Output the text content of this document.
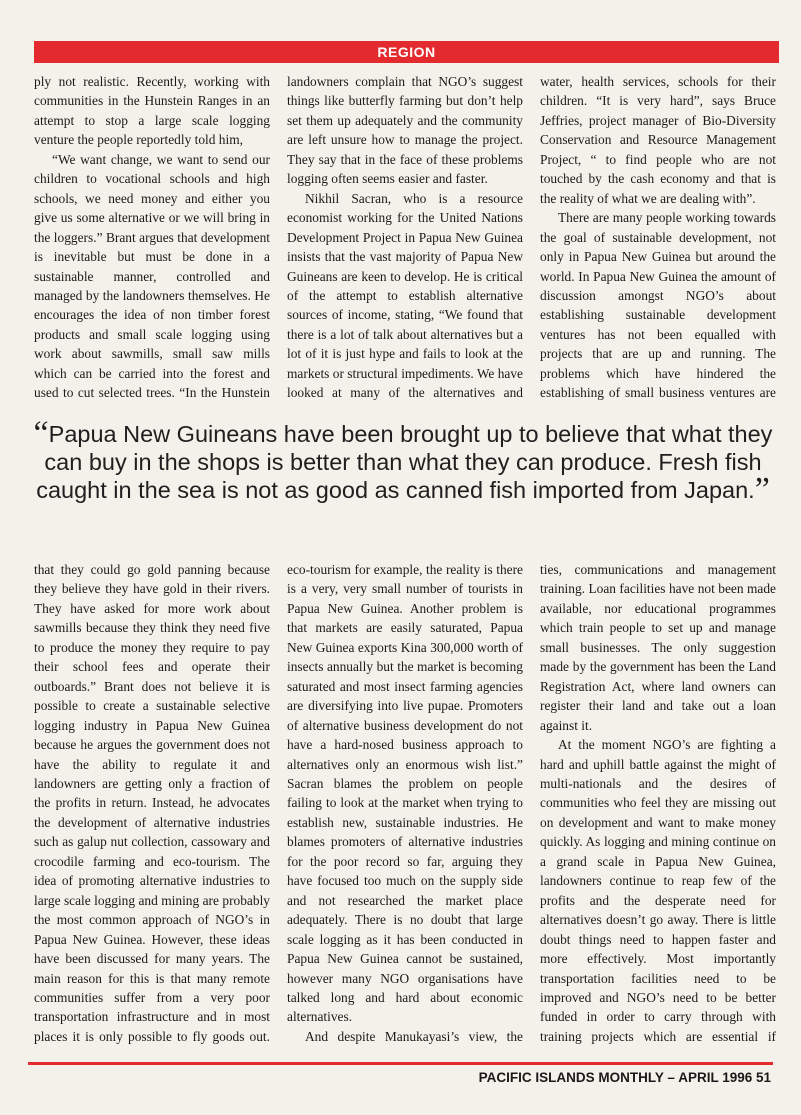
REGION

ply not realistic. Recently, working with communities in the Hunstein Ranges in an attempt to stop a large scale logging venture the people reportedly told him,

“We want change, we want to send our children to vocational schools and high schools, we need money and either you give us some alternative or we will bring in the loggers.” Brant argues that development is inevitable but must be done in a sustainable manner, controlled and managed by the landowners themselves. He encourages the idea of non timber forest products and small scale logging using work about sawmills, small saw mills which can be carried into the forest and used to cut selected trees. “In the Hunstein

landowners complain that NGO’s suggest things like butterfly farming but don’t help set them up adequately and the community are left unsure how to manage the project. They say that in the face of these problems logging often seems easier and faster.

Nikhil Sacran, who is a resource economist working for the United Nations Development Project in Papua New Guinea insists that the vast majority of Papua New Guineans are keen to develop. He is critical of the attempt to establish alternative sources of income, stating, “We found that there is a lot of talk about alternatives but a lot of it is just hype and fails to look at the markets or structural impediments. We have looked at many of the alternatives and

water, health services, schools for their children. “It is very hard”, says Bruce Jeffries, project manager of Bio-Diversity Conservation and Resource Management Project, “ to find people who are not touched by the cash economy and that is the reality of what we are dealing with”.

There are many people working towards the goal of sustainable development, not only in Papua New Guinea but around the world. In Papua New Guinea the amount of discussion amongst NGO’s about establishing sustainable development ventures has not been equalled with projects that are up and running. The problems which have hindered the establishing of small business ventures are

“Papua New Guineans have been brought up to believe that what they can buy in the shops is better than what they can produce. Fresh fish caught in the sea is not as good as canned fish imported from Japan.”

that they could go gold panning because they believe they have gold in their rivers. They have asked for more work about sawmills because they think they need five to produce the money they require to pay their school fees and operate their outboards.” Brant does not believe it is possible to create a sustainable selective logging industry in Papua New Guinea because he argues the government does not have the ability to regulate it and landowners are getting only a fraction of the profits in return. Instead, he advocates the development of alternative industries such as galup nut collection, cassowary and crocodile farming and eco-tourism. The idea of promoting alternative industries to large scale logging and mining are probably the most common approach of NGO’s in Papua New Guinea. However, these ideas have been discussed for many years. The main reason for this is that many remote communities suffer from a very poor transportation infrastructure and in most places it is only possible to fly goods out.

eco-tourism for example, the reality is there is a very, very small number of tourists in Papua New Guinea. Another problem is that markets are easily saturated, Papua New Guinea exports Kina 300,000 worth of insects annually but the market is becoming saturated and most insect farming agencies are diversifying into live pupae. Promoters of alternative business development do not have a hard-nosed business approach to alternatives only an enormous wish list.” Sacran blames the problem on people failing to look at the market when trying to establish new, sustainable industries. He blames promoters of alternative industries for the poor record so far, arguing they have focused too much on the supply side and not researched the market place adequately. There is no doubt that large scale logging as it has been conducted in Papua New Guinea cannot be sustained, however many NGO organisations have talked long and hard about economic alternatives.

And despite Manukayasi’s view, the

ties, communications and management training. Loan facilities have not been made available, nor educational programmes which train people to set up and manage small businesses. The only suggestion made by the government has been the Land Registration Act, where land owners can register their land and take out a loan against it.

At the moment NGO’s are fighting a hard and uphill battle against the might of multi-nationals and the desires of communities who feel they are missing out on development and want to make money quickly. As logging and mining continue on a grand scale in Papua New Guinea, landowners continue to reap few of the profits and the desperate need for alternatives doesn’t go away. There is little doubt things need to happen faster and more effectively. Most importantly transportation facilities need to be improved and NGO’s need to be better funded in order to carry through with training projects which are essential if

PACIFIC ISLANDS MONTHLY – APRIL 1996 51
